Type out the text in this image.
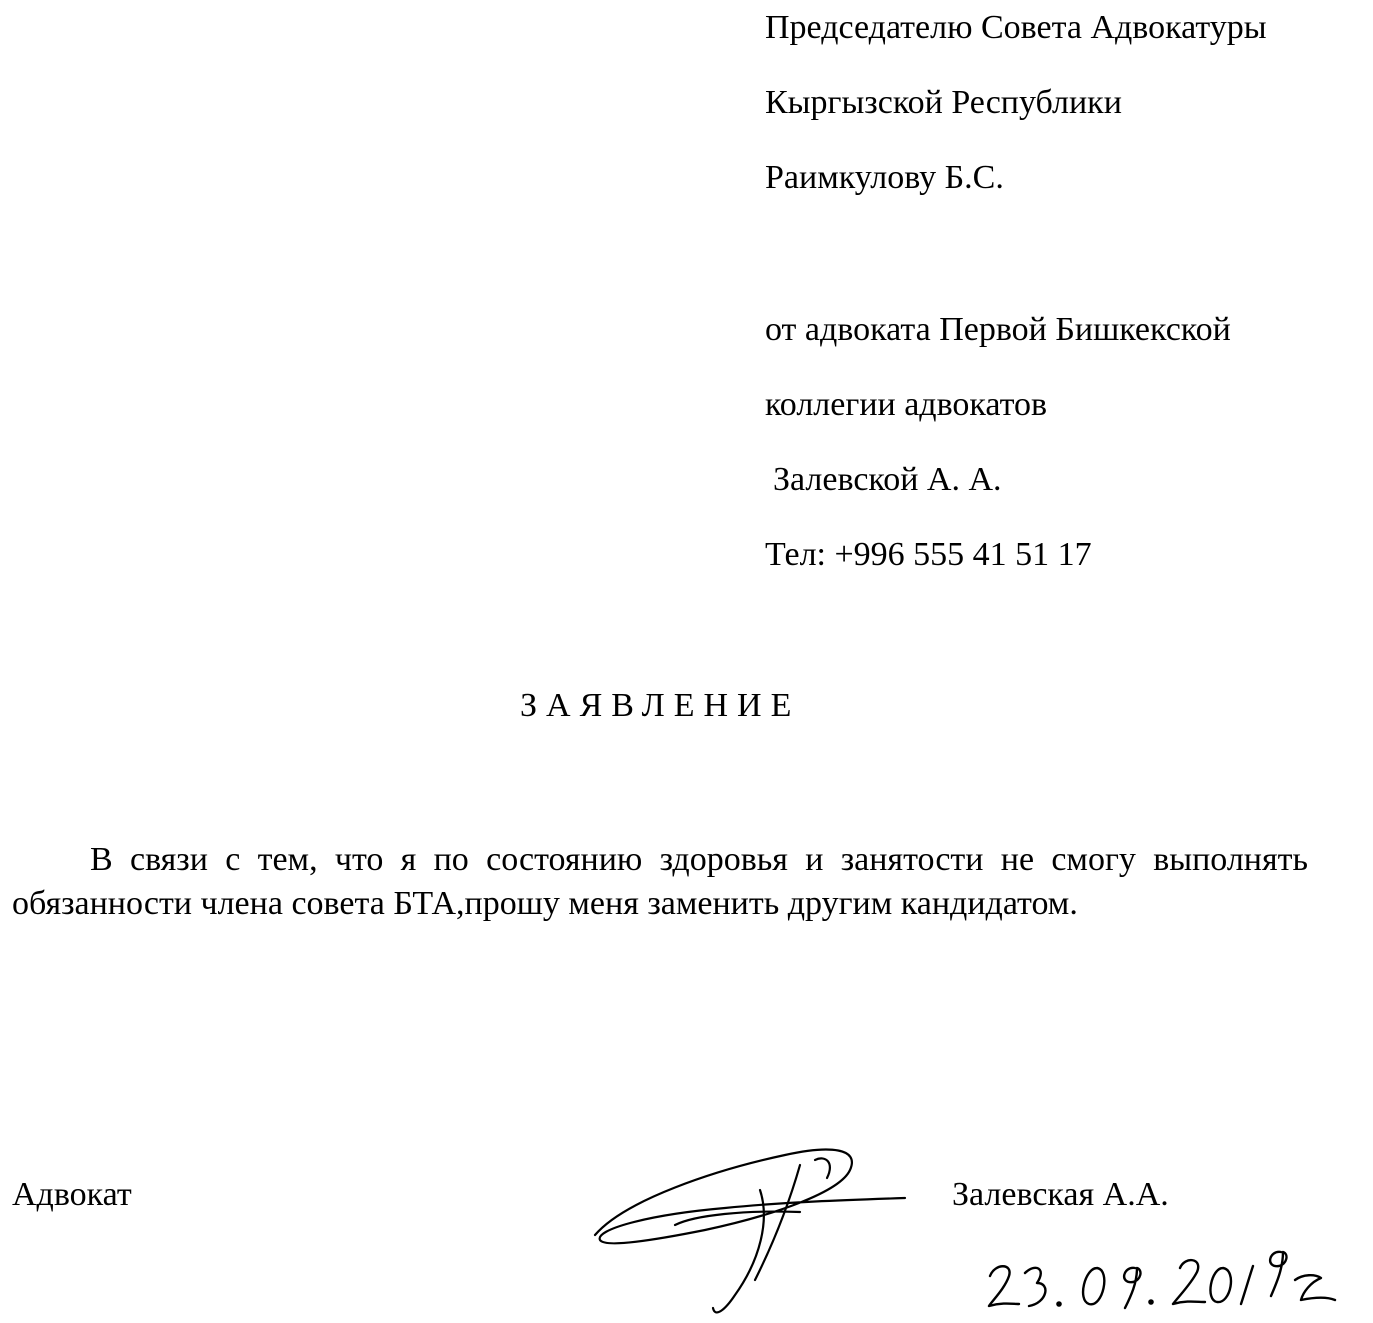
Председателю Совета Адвокатуры
Кыргызской Республики
Раимкулову Б.С.
от адвоката Первой Бишкекской
коллегии адвокатов
Залевской А. А.
Тел: +996 555 41 51 17
ЗАЯВЛЕНИЕ
В связи с тем, что я по состоянию здоровья и занятости не смогу выполнять обязанности члена совета БТА,прошу меня заменить другим кандидатом.
Адвокат	Залевская А.А.
